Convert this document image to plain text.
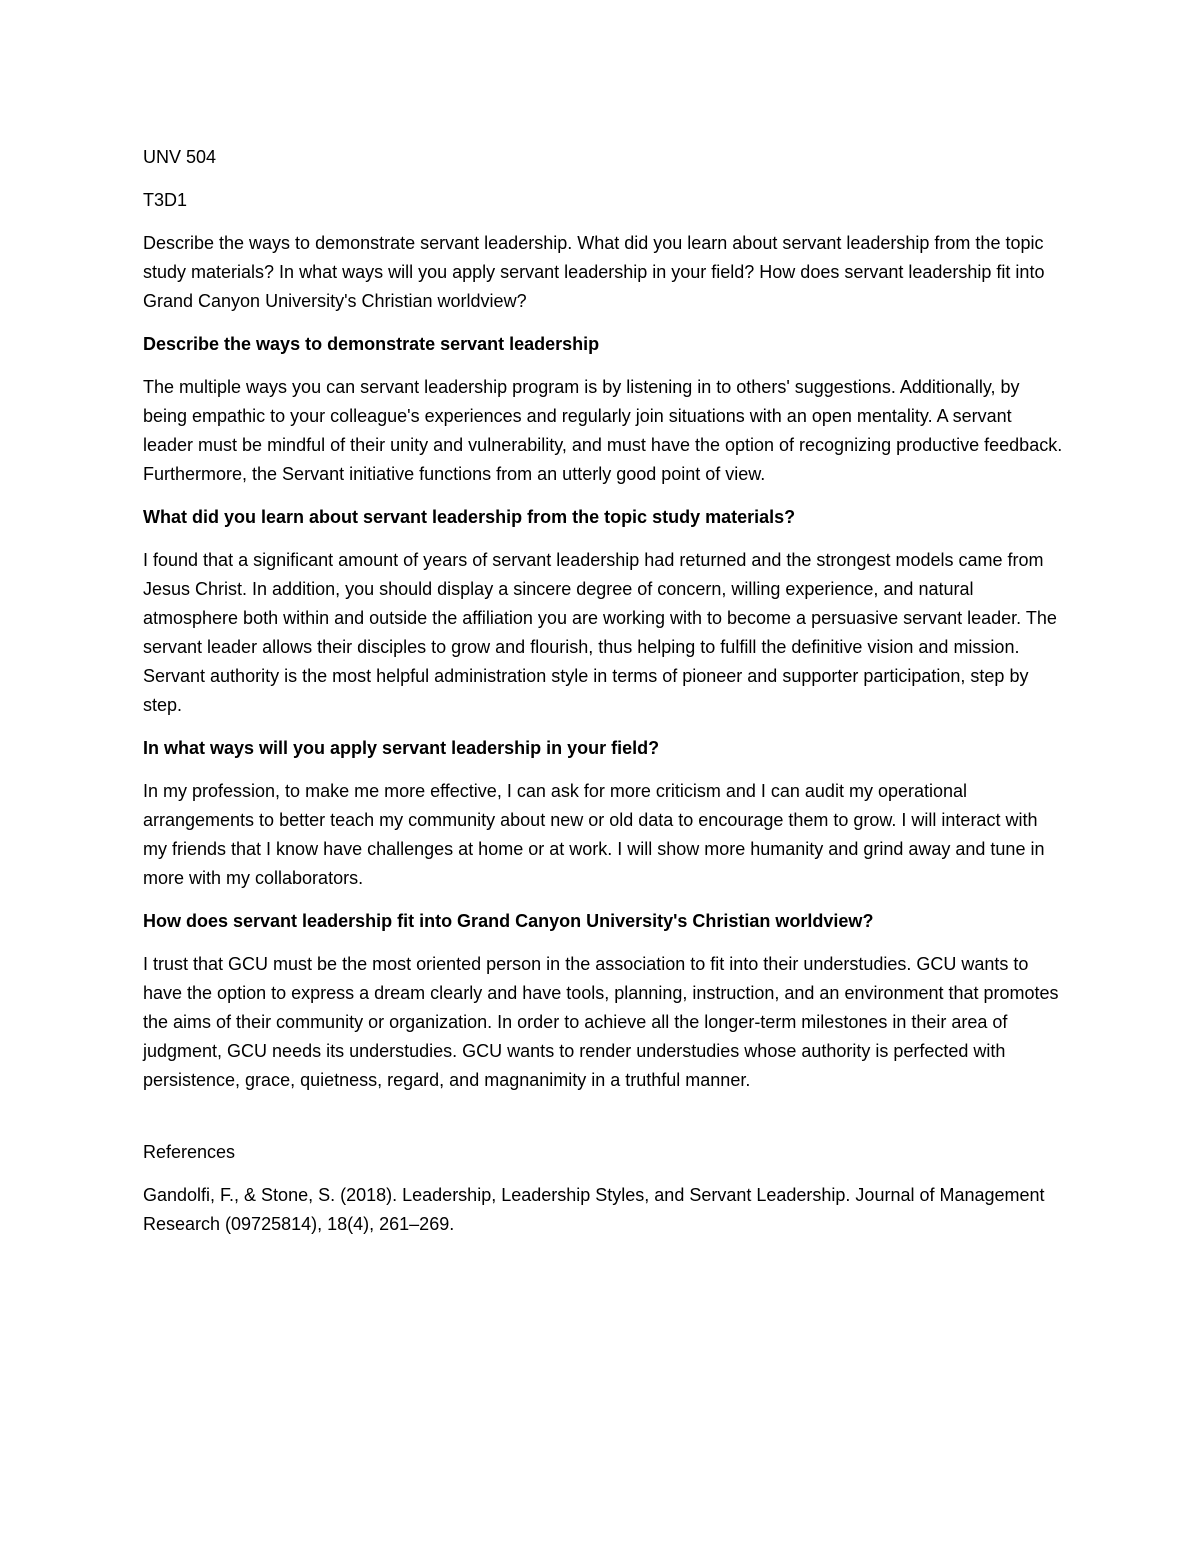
UNV 504

T3D1

Describe the ways to demonstrate servant leadership. What did you learn about servant leadership from the topic study materials? In what ways will you apply servant leadership in your field? How does servant leadership fit into Grand Canyon University's Christian worldview?

Describe the ways to demonstrate servant leadership

The multiple ways you can servant leadership program is by listening in to others' suggestions. Additionally, by being empathic to your colleague's experiences and regularly join situations with an open mentality. A servant leader must be mindful of their unity and vulnerability, and must have the option of recognizing productive feedback. Furthermore, the Servant initiative functions from an utterly good point of view.

What did you learn about servant leadership from the topic study materials?

I found that a significant amount of years of servant leadership had returned and the strongest models came from Jesus Christ. In addition, you should display a sincere degree of concern, willing experience, and natural atmosphere both within and outside the affiliation you are working with to become a persuasive servant leader. The servant leader allows their disciples to grow and flourish, thus helping to fulfill the definitive vision and mission. Servant authority is the most helpful administration style in terms of pioneer and supporter participation, step by step.

In what ways will you apply servant leadership in your field?

In my profession, to make me more effective, I can ask for more criticism and I can audit my operational arrangements to better teach my community about new or old data to encourage them to grow. I will interact with my friends that I know have challenges at home or at work. I will show more humanity and grind away and tune in more with my collaborators.

How does servant leadership fit into Grand Canyon University's Christian worldview?

I trust that GCU must be the most oriented person in the association to fit into their understudies. GCU wants to have the option to express a dream clearly and have tools, planning, instruction, and an environment that promotes the aims of their community or organization. In order to achieve all the longer-term milestones in their area of judgment, GCU needs its understudies. GCU wants to render understudies whose authority is perfected with persistence, grace, quietness, regard, and magnanimity in a truthful manner.

References

Gandolfi, F., & Stone, S. (2018). Leadership, Leadership Styles, and Servant Leadership. Journal of Management Research (09725814), 18(4), 261–269.
